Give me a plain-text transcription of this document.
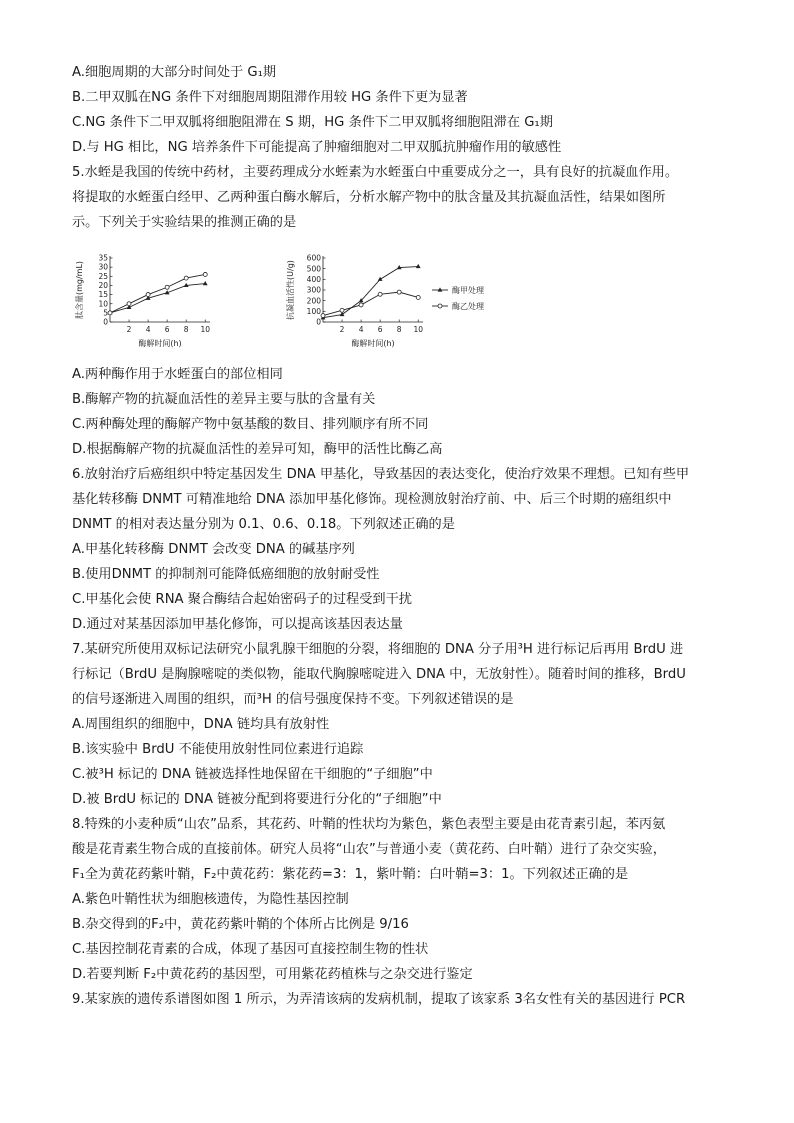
A.细胞周期的大部分时间处于 G₁期
B.二甲双胍在NG 条件下对细胞周期阻滞作用较 HG 条件下更为显著
C.NG 条件下二甲双胍将细胞阻滞在 S 期，HG 条件下二甲双胍将细胞阻滞在 G₁期
D.与 HG 相比，NG 培养条件下可能提高了肿瘤细胞对二甲双胍抗肿瘤作用的敏感性
5.水蛭是我国的传统中药材，主要药理成分水蛭素为水蛭蛋白中重要成分之一，具有良好的抗凝血作用。
将提取的水蛭蛋白经甲、乙两种蛋白酶水解后，分析水解产物中的肽含量及其抗凝血活性，结果如图所
示。下列关于实验结果的推测正确的是
0
5
10
15
20
25
30
35
2 4 6 8 10
酶解时间(h)
肽含量(mg/mL)
0
100
200
300
400
500
600
2 4 6 8 10
酶解时间(h)
抗凝血活性(U/g)	酶甲处理
酶乙处理
A.两种酶作用于水蛭蛋白的部位相同
B.酶解产物的抗凝血活性的差异主要与肽的含量有关
C.两种酶处理的酶解产物中氨基酸的数目、排列顺序有所不同
D.根据酶解产物的抗凝血活性的差异可知，酶甲的活性比酶乙高
6.放射治疗后癌组织中特定基因发生 DNA 甲基化，导致基因的表达变化，使治疗效果不理想。已知有些甲
基化转移酶 DNMT 可精准地给 DNA 添加甲基化修饰。现检测放射治疗前、中、后三个时期的癌组织中
DNMT 的相对表达量分别为 0.1、0.6、0.18。下列叙述正确的是
A.甲基化转移酶 DNMT 会改变 DNA 的碱基序列
B.使用DNMT 的抑制剂可能降低癌细胞的放射耐受性
C.甲基化会使 RNA 聚合酶结合起始密码子的过程受到干扰
D.通过对某基因添加甲基化修饰，可以提高该基因表达量
7.某研究所使用双标记法研究小鼠乳腺干细胞的分裂，将细胞的 DNA 分子用³H 进行标记后再用 BrdU 进
行标记（BrdU 是胸腺嘧啶的类似物，能取代胸腺嘧啶进入 DNA 中，无放射性）。随着时间的推移，BrdU
的信号逐渐进入周围的组织，而³H 的信号强度保持不变。下列叙述错误的是
A.周围组织的细胞中，DNA 链均具有放射性
B.该实验中 BrdU 不能使用放射性同位素进行追踪
C.被³H 标记的 DNA 链被选择性地保留在干细胞的“子细胞”中
D.被 BrdU 标记的 DNA 链被分配到将要进行分化的“子细胞”中
8.特殊的小麦种质“山农”品系，其花药、叶鞘的性状均为紫色，紫色表型主要是由花青素引起，苯丙氨
酸是花青素生物合成的直接前体。研究人员将“山农”与普通小麦（黄花药、白叶鞘）进行了杂交实验，
F₁全为黄花药紫叶鞘，F₂中黄花药：紫花药=3：1，紫叶鞘：白叶鞘=3：1。下列叙述正确的是
A.紫色叶鞘性状为细胞核遗传，为隐性基因控制
B.杂交得到的F₂中，黄花药紫叶鞘的个体所占比例是 9/16
C.基因控制花青素的合成，体现了基因可直接控制生物的性状
D.若要判断 F₂中黄花药的基因型，可用紫花药植株与之杂交进行鉴定
9.某家族的遗传系谱图如图 1 所示，为弄清该病的发病机制，提取了该家系 3名女性有关的基因进行 PCR
